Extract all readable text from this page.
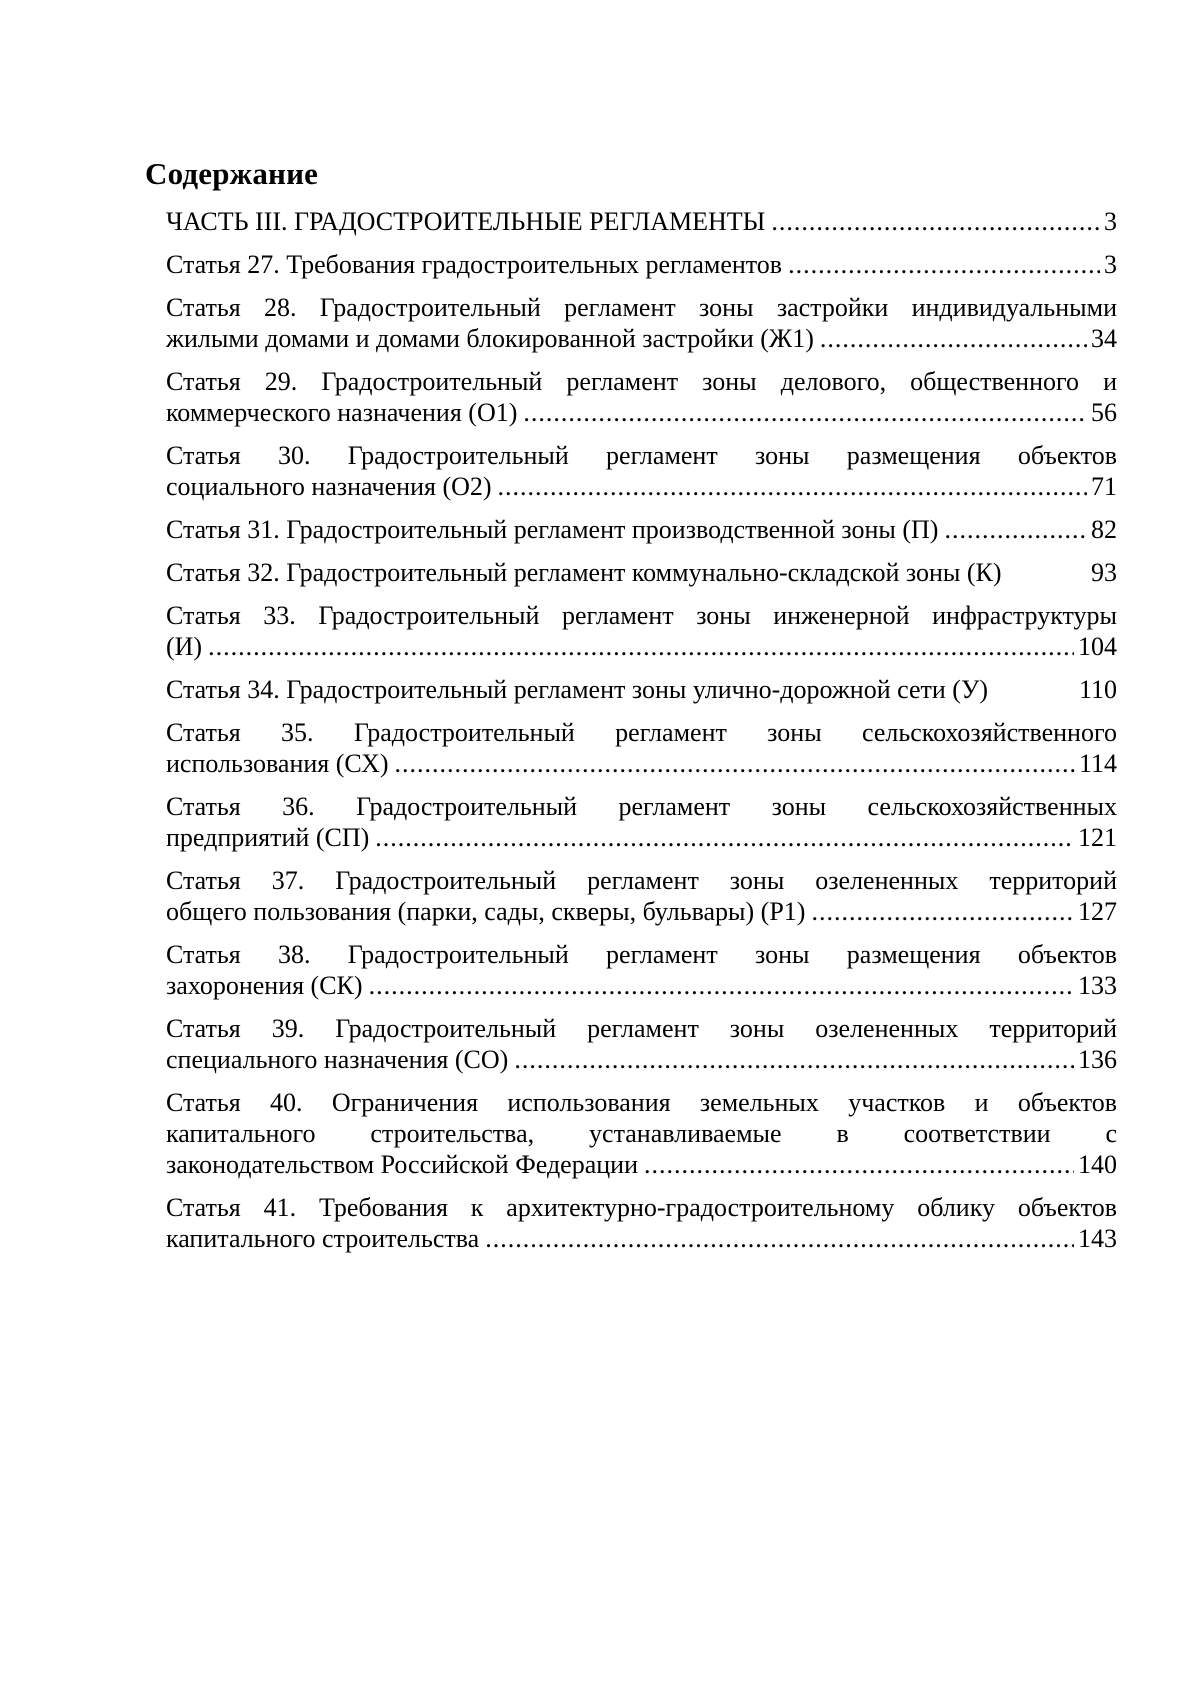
Содержание
ЧАСТЬ III. ГРАДОСТРОИТЕЛЬНЫЕ РЕГЛАМЕНТЫ .....	3
Статья 27. Требования градостроительных регламентов .....	3
Статья 28. Градостроительный регламент зоны застройки индивидуальными
жилыми домами и домами блокированной застройки (Ж1) .....	34
Статья 29. Градостроительный регламент зоны делового, общественного и
коммерческого назначения (О1) .....	56
Статья 30. Градостроительный регламент зоны размещения объектов
социального назначения (О2) .....	71
Статья 31. Градостроительный регламент производственной зоны (П) .....	82
Статья 32. Градостроительный регламент коммунально-складской зоны (К)	93
Статья 33. Градостроительный регламент зоны инженерной инфраструктуры
(И) .....	104
Статья 34. Градостроительный регламент зоны улично-дорожной сети (У)	110
Статья 35. Градостроительный регламент зоны сельскохозяйственного
использования (СХ) .....	114
Статья 36. Градостроительный регламент зоны сельскохозяйственных
предприятий (СП) .....	121
Статья 37. Градостроительный регламент зоны озелененных территорий
общего пользования (парки, сады, скверы, бульвары) (Р1) .....	127
Статья 38. Градостроительный регламент зоны размещения объектов
захоронения (СК) .....	133
Статья 39. Градостроительный регламент зоны озелененных территорий
специального назначения (СО) .....	136
Статья 40. Ограничения использования земельных участков и объектов
капитального строительства, устанавливаемые в соответствии с
законодательством Российской Федерации .....	140
Статья 41. Требования к архитектурно-градостроительному облику объектов
капитального строительства .....	143
